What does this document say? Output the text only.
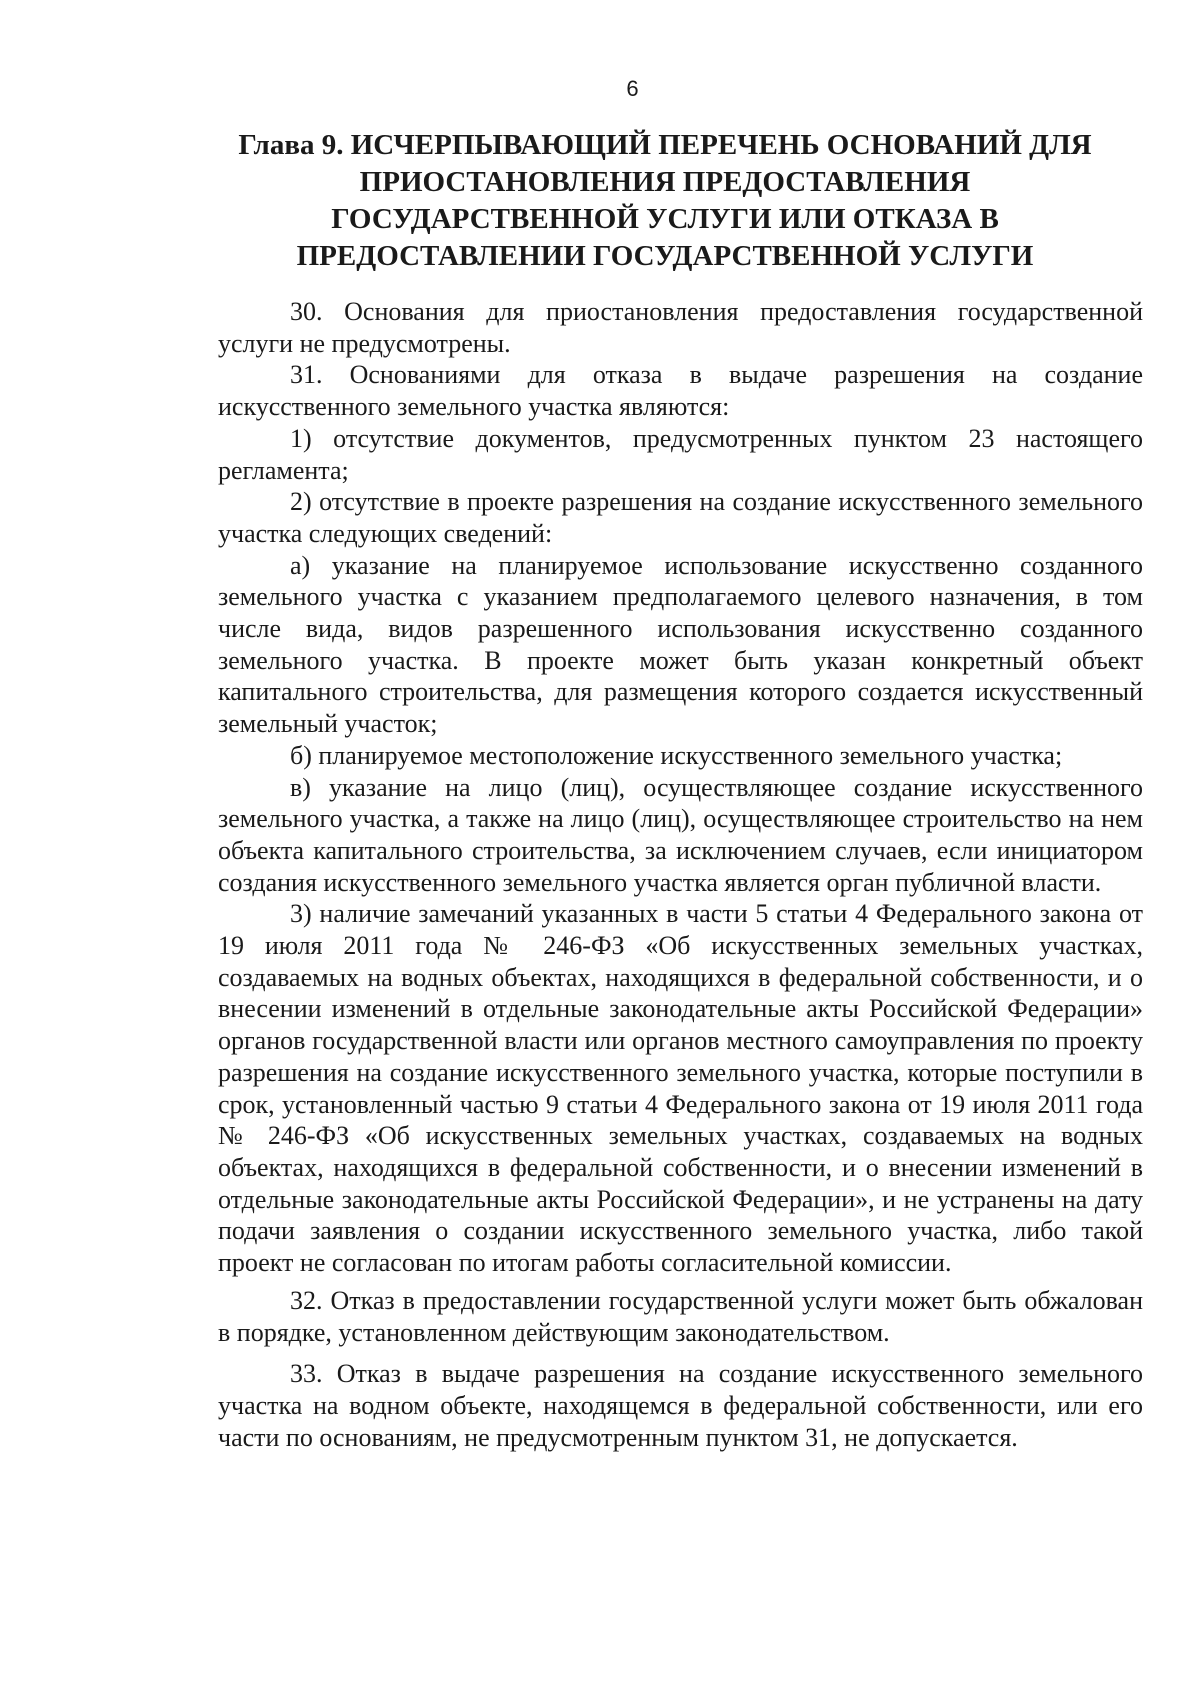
6
Глава 9. ИСЧЕРПЫВАЮЩИЙ ПЕРЕЧЕНЬ ОСНОВАНИЙ ДЛЯ ПРИОСТАНОВЛЕНИЯ ПРЕДОСТАВЛЕНИЯ ГОСУДАРСТВЕННОЙ УСЛУГИ ИЛИ ОТКАЗА В ПРЕДОСТАВЛЕНИИ ГОСУДАРСТВЕННОЙ УСЛУГИ

30. Основания для приостановления предоставления государственной услуги не предусмотрены.

31. Основаниями для отказа в выдаче разрешения на создание искусственного земельного участка являются:

1) отсутствие документов, предусмотренных пунктом 23 настоящего регламента;

2) отсутствие в проекте разрешения на создание искусственного земельного участка следующих сведений:

а) указание на планируемое использование искусственно созданного земельного участка с указанием предполагаемого целевого назначения, в том числе вида, видов разрешенного использования искусственно созданного земельного участка. В проекте может быть указан конкретный объект капитального строительства, для размещения которого создается искусственный земельный участок;

б) планируемое местоположение искусственного земельного участка;

в) указание на лицо (лиц), осуществляющее создание искусственного земельного участка, а также на лицо (лиц), осуществляющее строительство на нем объекта капитального строительства, за исключением случаев, если инициатором создания искусственного земельного участка является орган публичной власти.

3) наличие замечаний указанных в части 5 статьи 4 Федерального закона от 19 июля 2011 года № 246-ФЗ «Об искусственных земельных участках, создаваемых на водных объектах, находящихся в федеральной собственности, и о внесении изменений в отдельные законодательные акты Российской Федерации» органов государственной власти или органов местного самоуправления по проекту разрешения на создание искусственного земельного участка, которые поступили в срок, установленный частью 9 статьи 4 Федерального закона от 19 июля 2011 года № 246-ФЗ «Об искусственных земельных участках, создаваемых на водных объектах, находящихся в федеральной собственности, и о внесении изменений в отдельные законодательные акты Российской Федерации», и не устранены на дату подачи заявления о создании искусственного земельного участка, либо такой проект не согласован по итогам работы согласительной комиссии.

32. Отказ в предоставлении государственной услуги может быть обжалован в порядке, установленном действующим законодательством.

33. Отказ в выдаче разрешения на создание искусственного земельного участка на водном объекте, находящемся в федеральной собственности, или его части по основаниям, не предусмотренным пунктом 31, не допускается.
